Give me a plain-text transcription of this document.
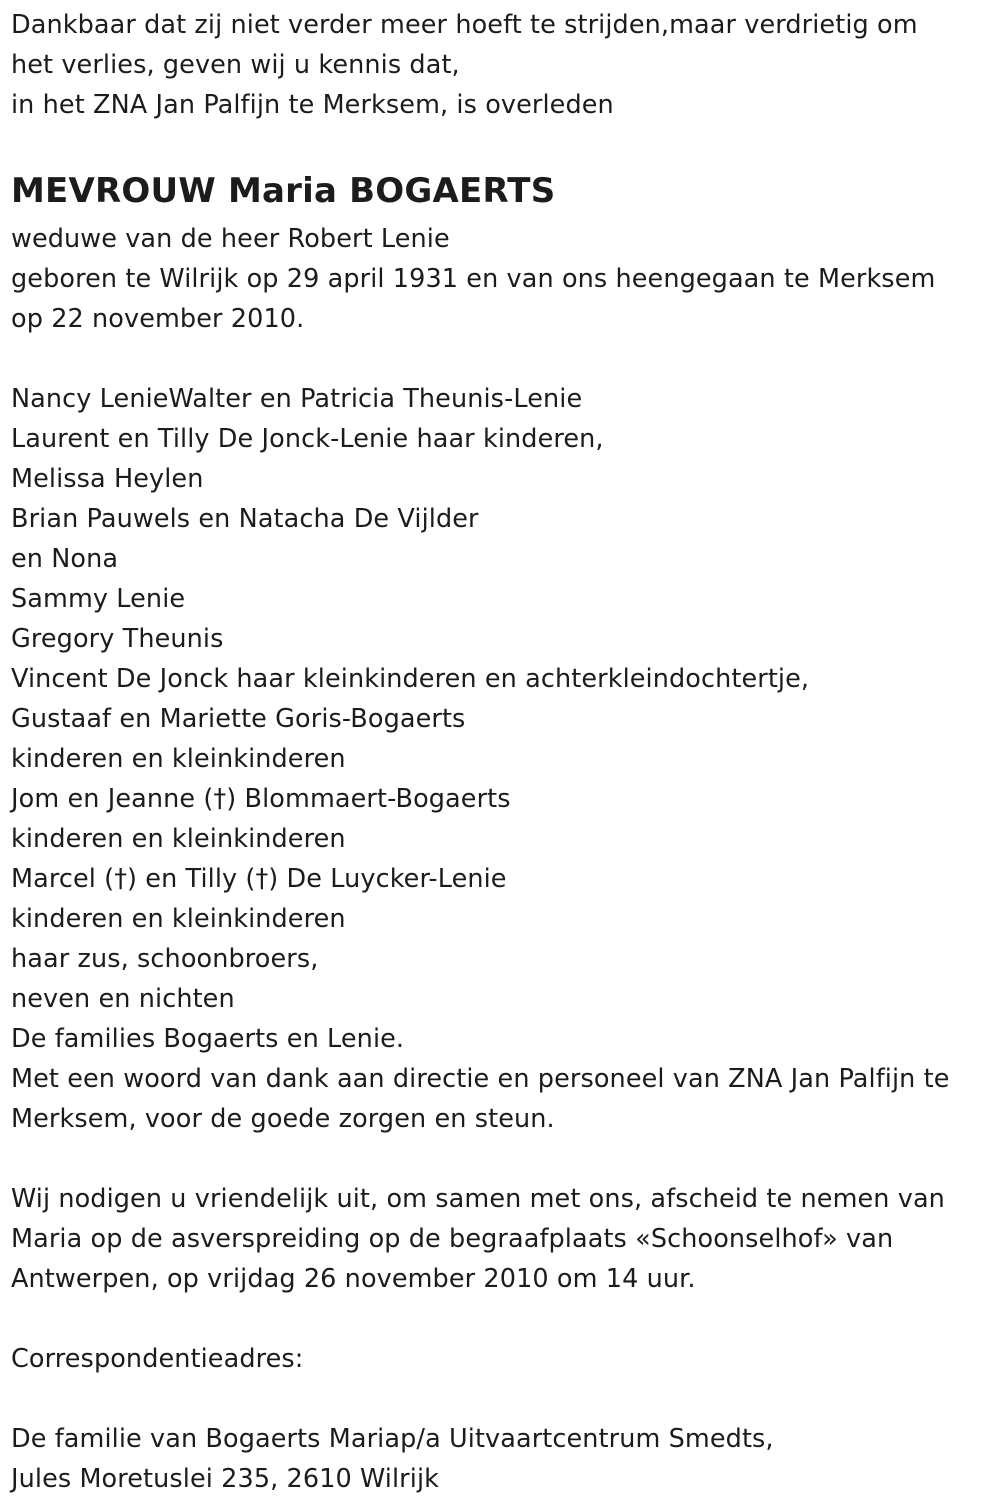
Dankbaar dat zij niet verder meer hoeft te strijden,maar verdrietig om
het verlies, geven wij u kennis dat,
in het ZNA Jan Palfijn te Merksem, is overleden
MEVROUW Maria BOGAERTS
weduwe van de heer Robert Lenie
geboren te Wilrijk op 29 april 1931 en van ons heengegaan te Merksem
op 22 november 2010.
Nancy LenieWalter en Patricia Theunis-Lenie
Laurent en Tilly De Jonck-Lenie haar kinderen,
Melissa Heylen
Brian Pauwels en Natacha De Vijlder
en Nona
Sammy Lenie
Gregory Theunis
Vincent De Jonck haar kleinkinderen en achterkleindochtertje,
Gustaaf en Mariette Goris-Bogaerts
kinderen en kleinkinderen
Jom en Jeanne (†) Blommaert-Bogaerts
kinderen en kleinkinderen
Marcel (†) en Tilly (†) De Luycker-Lenie
kinderen en kleinkinderen
haar zus, schoonbroers,
neven en nichten
De families Bogaerts en Lenie.
Met een woord van dank aan directie en personeel van ZNA Jan Palfijn te
Merksem, voor de goede zorgen en steun.
Wij nodigen u vriendelijk uit, om samen met ons, afscheid te nemen van
Maria op de asverspreiding op de begraafplaats «Schoonselhof» van
Antwerpen, op vrijdag 26 november 2010 om 14 uur.
Correspondentieadres:
De familie van Bogaerts Mariap/a Uitvaartcentrum Smedts,
Jules Moretuslei 235, 2610 Wilrijk
